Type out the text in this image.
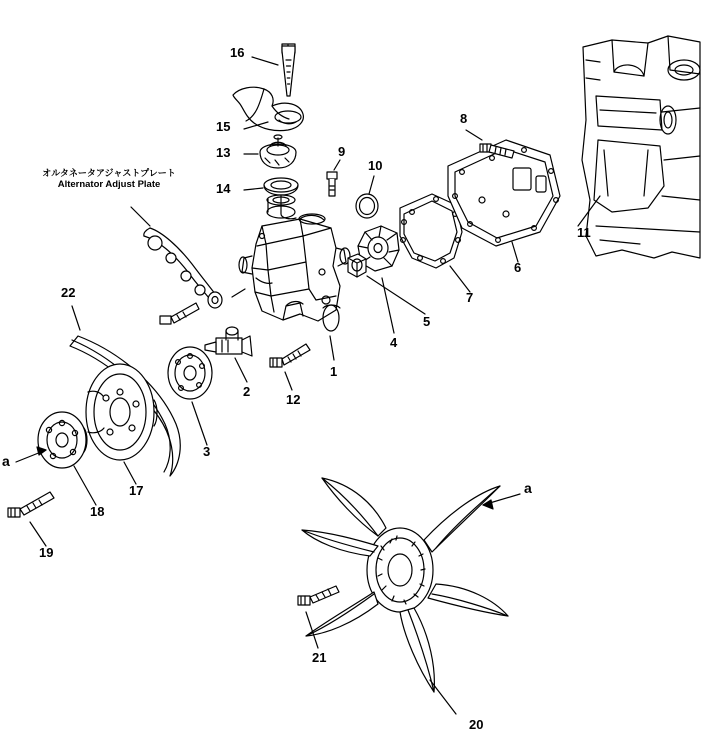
1
2
3
4
5
6
7
8
9
10
11
12
13
14
15
16
17
18
19
20
21
22
a
a
オルタネータアジャストプレート
Alternator Adjust Plate
